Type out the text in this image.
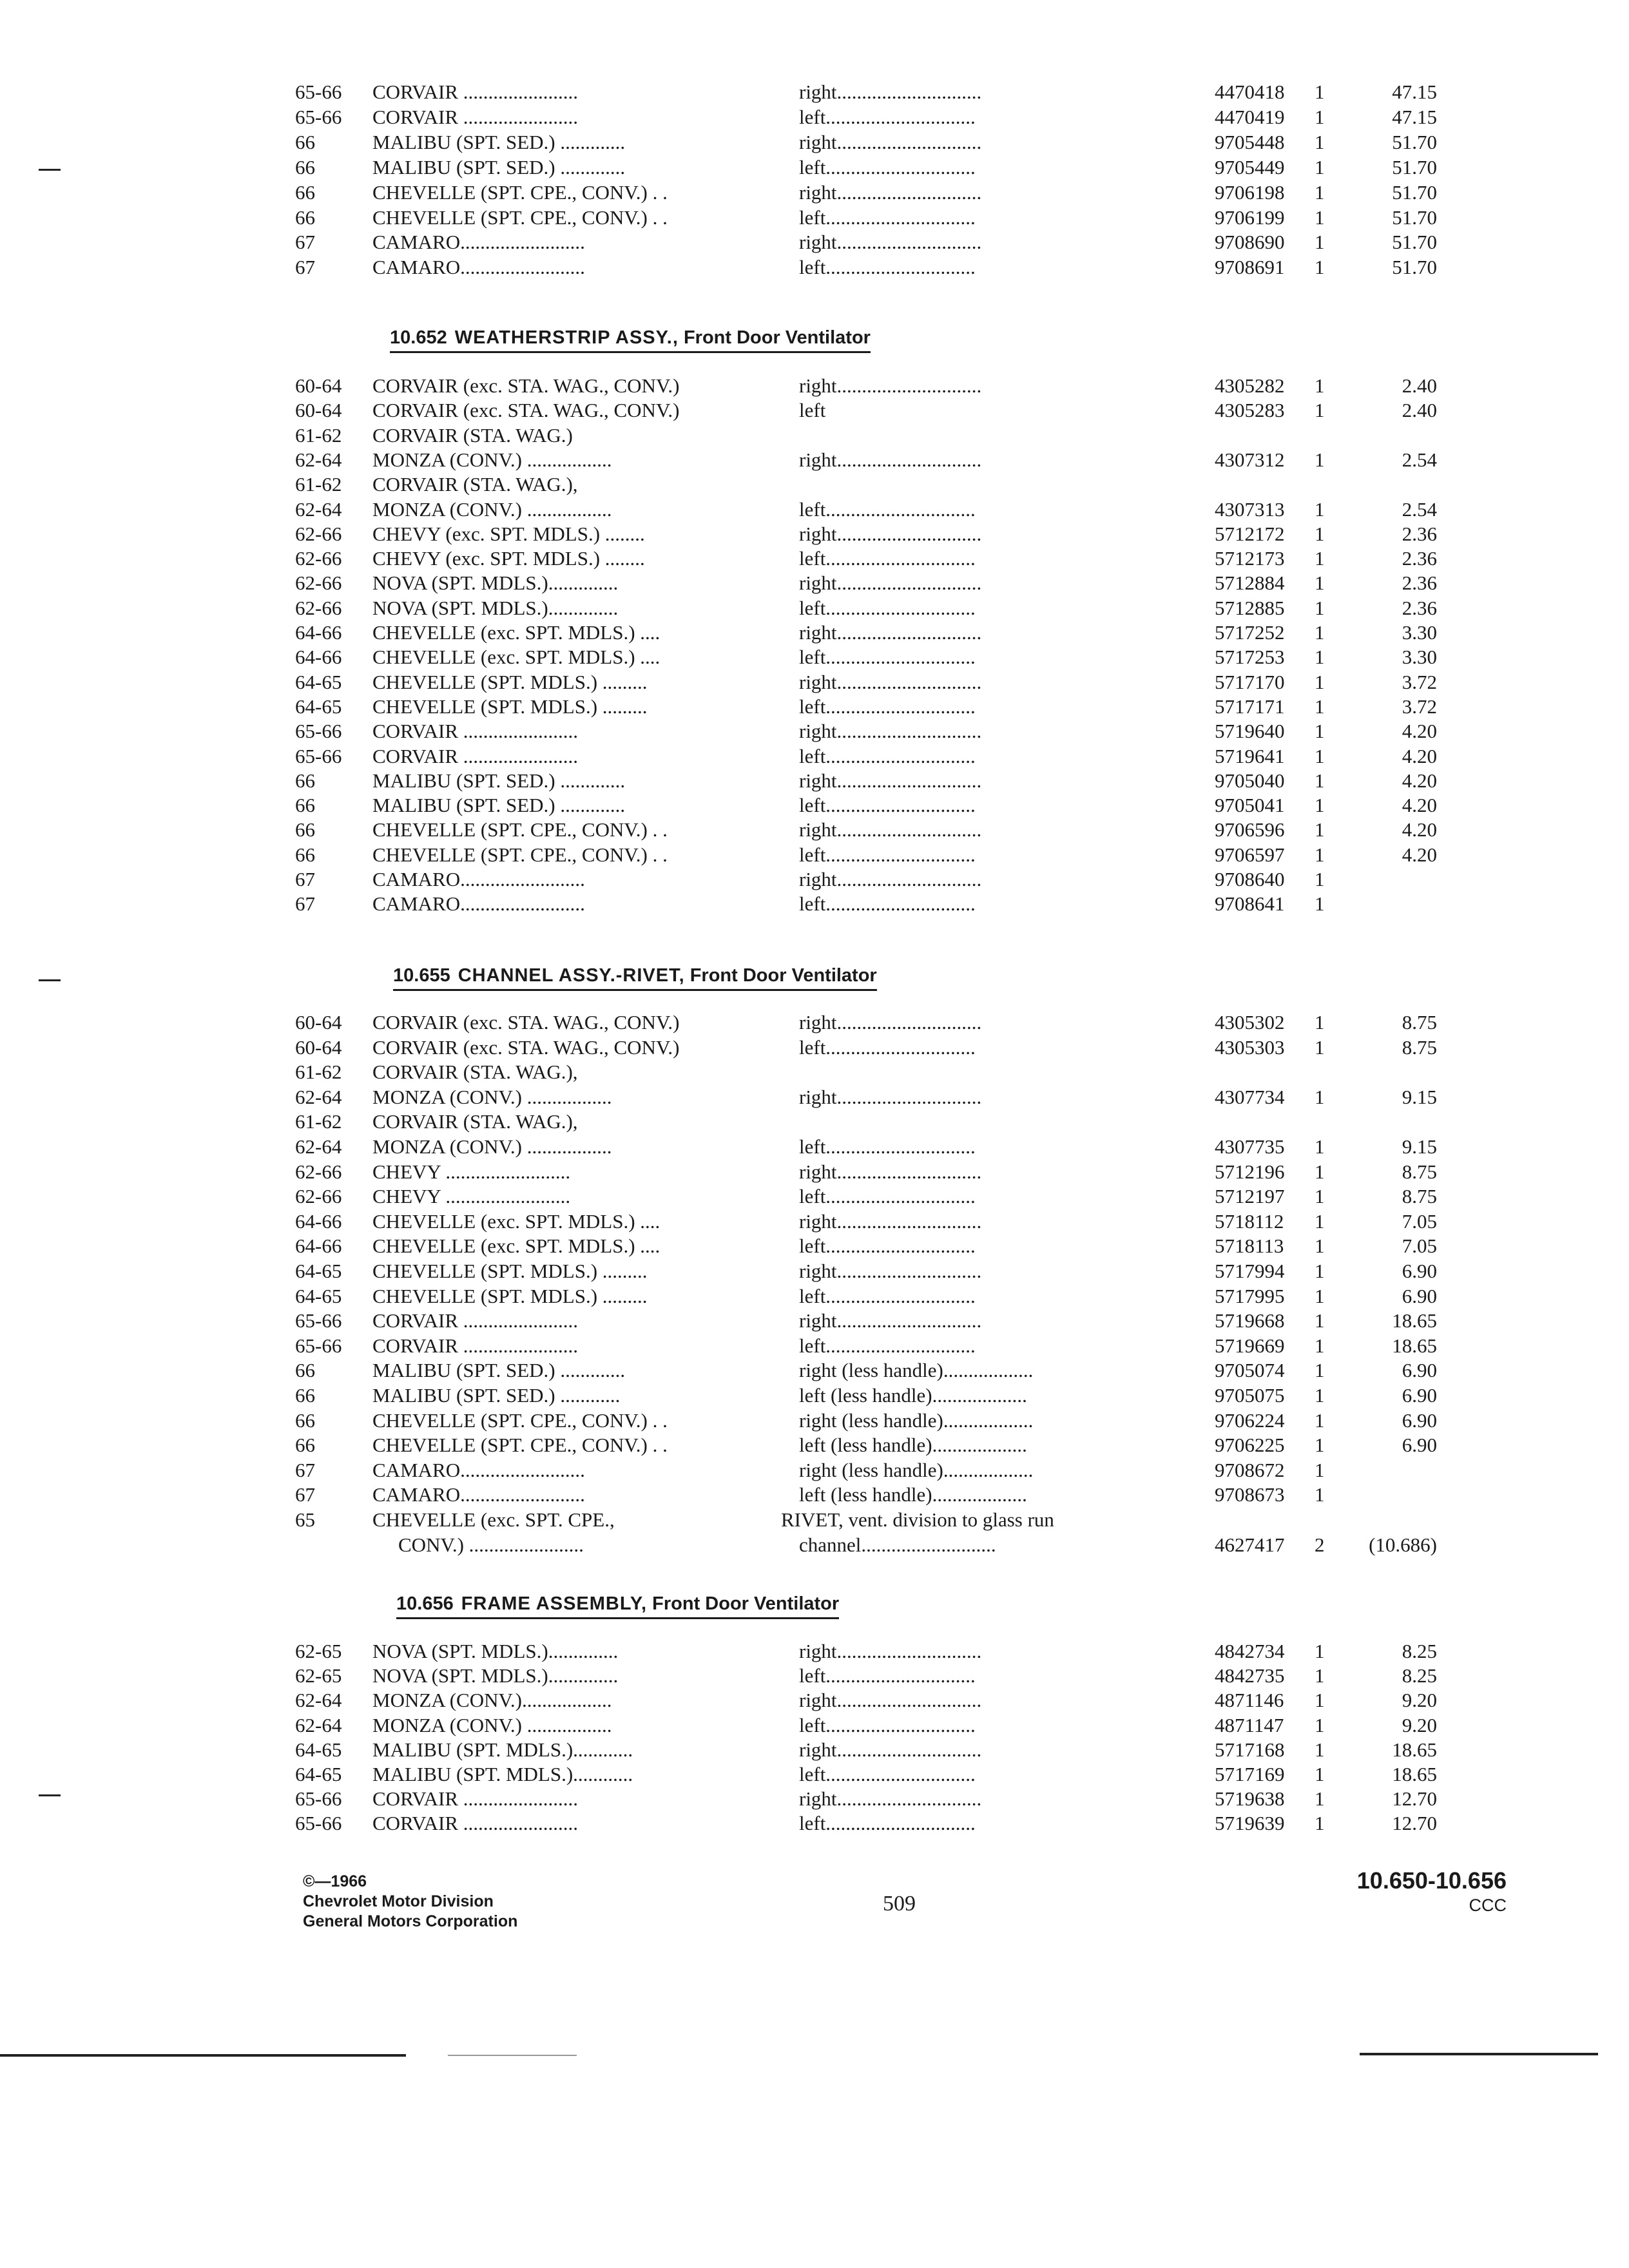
65-66 CORVAIR .......................	right.............................	4470418 1	47.15
65-66 CORVAIR .......................	left..............................	4470419 1	47.15
66	MALIBU (SPT. SED.) .............	right.............................	9705448 1	51.70
66	MALIBU (SPT. SED.) .............	left..............................	9705449 1	51.70
66	CHEVELLE (SPT. CPE., CONV.) . .	right.............................	9706198 1	51.70
66	CHEVELLE (SPT. CPE., CONV.) . .	left..............................	9706199 1	51.70
67	CAMARO.........................	right.............................	9708690 1	51.70
67	CAMARO.........................	left..............................	9708691 1	51.70
10.652 WEATHERSTRIP ASSY., Front Door Ventilator
60-64 CORVAIR (exc. STA. WAG., CONV.)	right.............................	4305282 1	2.40
60-64 CORVAIR (exc. STA. WAG., CONV.)	left	4305283 1	2.40
61-62 CORVAIR (STA. WAG.)
62-64 MONZA (CONV.) .................	right.............................	4307312 1	2.54
61-62 CORVAIR (STA. WAG.),
62-64 MONZA (CONV.) .................	left..............................	4307313 1	2.54
62-66 CHEVY (exc. SPT. MDLS.) ........	right.............................	5712172 1	2.36
62-66 CHEVY (exc. SPT. MDLS.) ........	left..............................	5712173 1	2.36
62-66 NOVA (SPT. MDLS.)..............	right.............................	5712884 1	2.36
62-66 NOVA (SPT. MDLS.)..............	left..............................	5712885 1	2.36
64-66 CHEVELLE (exc. SPT. MDLS.) ....	right.............................	5717252 1	3.30
64-66 CHEVELLE (exc. SPT. MDLS.) ....	left..............................	5717253 1	3.30
64-65 CHEVELLE (SPT. MDLS.) .........	right.............................	5717170 1	3.72
64-65 CHEVELLE (SPT. MDLS.) .........	left..............................	5717171 1	3.72
65-66 CORVAIR .......................	right.............................	5719640 1	4.20
65-66 CORVAIR .......................	left..............................	5719641 1	4.20
66	MALIBU (SPT. SED.) .............	right.............................	9705040 1	4.20
66	MALIBU (SPT. SED.) .............	left..............................	9705041 1	4.20
66	CHEVELLE (SPT. CPE., CONV.) . .	right.............................	9706596 1	4.20
66	CHEVELLE (SPT. CPE., CONV.) . .	left..............................	9706597 1	4.20
67	CAMARO.........................	right.............................	9708640 1
67	CAMARO.........................	left..............................	9708641 1
10.655 CHANNEL ASSY.-RIVET, Front Door Ventilator
60-64 CORVAIR (exc. STA. WAG., CONV.)	right.............................	4305302 1	8.75
60-64 CORVAIR (exc. STA. WAG., CONV.)	left..............................	4305303 1	8.75
61-62 CORVAIR (STA. WAG.),
62-64 MONZA (CONV.) .................	right.............................	4307734 1	9.15
61-62 CORVAIR (STA. WAG.),
62-64 MONZA (CONV.) .................	left..............................	4307735 1	9.15
62-66 CHEVY .........................	right.............................	5712196 1	8.75
62-66 CHEVY .........................	left..............................	5712197 1	8.75
64-66 CHEVELLE (exc. SPT. MDLS.) ....	right.............................	5718112 1	7.05
64-66 CHEVELLE (exc. SPT. MDLS.) ....	left..............................	5718113 1	7.05
64-65 CHEVELLE (SPT. MDLS.) .........	right.............................	5717994 1	6.90
64-65 CHEVELLE (SPT. MDLS.) .........	left..............................	5717995 1	6.90
65-66 CORVAIR .......................	right.............................	5719668 1	18.65
65-66 CORVAIR .......................	left..............................	5719669 1	18.65
66	MALIBU (SPT. SED.) .............	right (less handle)..................	9705074 1	6.90
66	MALIBU (SPT. SED.) ............	left (less handle)...................	9705075 1	6.90
66	CHEVELLE (SPT. CPE., CONV.) . .	right (less handle)..................	9706224 1	6.90
66	CHEVELLE (SPT. CPE., CONV.) . .	left (less handle)...................	9706225 1	6.90
67	CAMARO.........................	right (less handle)..................	9708672 1
67	CAMARO.........................	left (less handle)...................	9708673 1
65	CHEVELLE (exc. SPT. CPE.,	RIVET, vent. division to glass run
CONV.) .......................	channel...........................	4627417 2	(10.686)
10.656 FRAME ASSEMBLY, Front Door Ventilator
62-65 NOVA (SPT. MDLS.)..............	right.............................	4842734 1	8.25
62-65 NOVA (SPT. MDLS.)..............	left..............................	4842735 1	8.25
62-64 MONZA (CONV.)..................	right.............................	4871146 1	9.20
62-64 MONZA (CONV.) .................	left..............................	4871147 1	9.20
64-65 MALIBU (SPT. MDLS.)............	right.............................	5717168 1	18.65
64-65 MALIBU (SPT. MDLS.)............	left..............................	5717169 1	18.65
65-66 CORVAIR .......................	right.............................	5719638 1	12.70
65-66 CORVAIR .......................	left..............................	5719639 1	12.70
©—1966
Chevrolet Motor Division
General Motors Corporation
509
10.650-10.656
CCC
